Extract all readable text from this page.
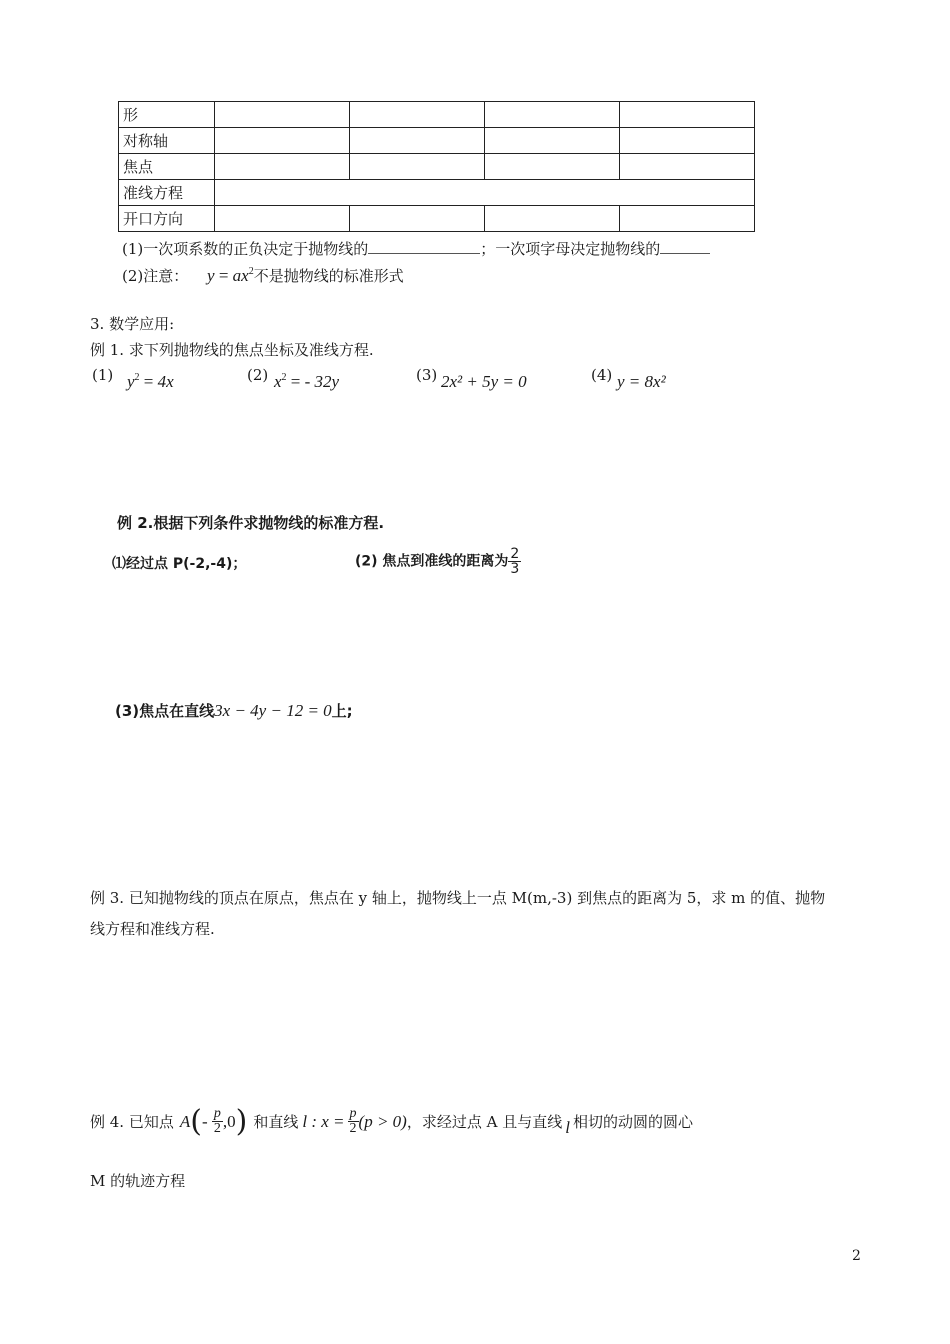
形				
对称轴				
焦点				
准线方程				
开口方向				
(1)一次项系数的正负决定于抛物线的	；一次项字母决定抛物线的
(2)注意： $y = ax^2$不是抛物线的标准形式
3. 数学应用:
例 1. 求下列抛物线的焦点坐标及准线方程.
(1) $y^2 = 4x$	(2) $x^2$ = - 32y	(3) 2x² + 5y = 0	(4) y = 8x²
例 2.根据下列条件求抛物线的标准方程.
⑴经过点 P(-2,-4)；	(2) 焦点到准线的距离为 $\frac{2}{3}$
(3)焦点在直线3x − 4y − 12 = 0上;
例 3. 已知抛物线的顶点在原点，焦点在 y 轴上，抛物线上一点 M(m,-3) 到焦点的距离为 5，求 m 的值、抛物
线方程和准线方程.
例 4. 已知点 A ( - $\frac{p}{2}$ , 0 ) 和直线 l : $x = \frac{p}{2} (p > 0)$ ，求经过点 A 且与直线 l 相切的动圆的圆心
M 的轨迹方程
2
